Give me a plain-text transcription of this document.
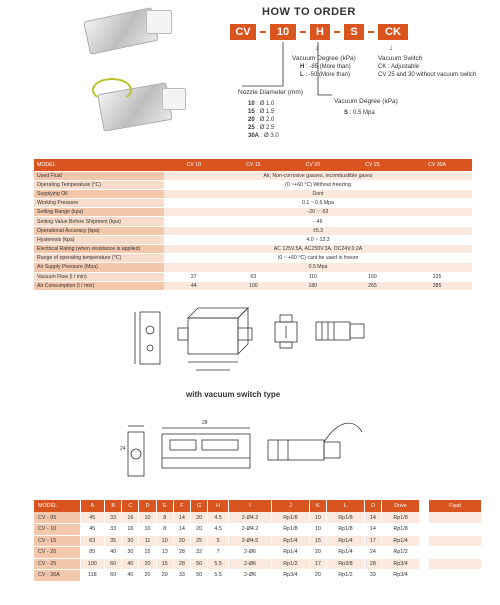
HOW TO ORDER
CV	10	H	S	CK
↓	↓
Vacuum Degree (kPa)
H : -85 (More than)
L : -50 (More than)
Vacuum Switch
CK : Adjustable
CV 25 and 30 without vacuum switch
Nozzle Diameter (mm)
10 : Ø 1.0
15 : Ø 1.5
20 : Ø 2.0
25 : Ø 2.5
30A : Ø 3.0
Vacuum Degree (kPa)
S : 0.5 Mpa
MODEL	CV 10	CV 15	CV 20	CV 25	CV 30A
Used Fluid	Air, Non-corrosive gasses, incombustible gases				
Operating Temperature (°C)	(0 ~+60 °C) Without freezing				
Supplying Oil	Dont				
Working Pressure	0.1 ~ 0.6 Mpa				
Setting Range (kpa)	-20 ~ -53				
Setting Value Before Shipment (kpa)	- 46				
Operational Accuracy (kpa)	±5.3				
Hysteresis (kpa)	4.0 ~ 13.3				
Electrical Rating (when resistance is applied)	AC 125V.5A, AC250V.3A, DC24V.0.2A				
Range of operating temperature (°C)	(0 ~ +60 °C) cant be used in freeze				
Air Supply Pressure (Mpa)	0.5 Mpa				
Vacuum Flow (l / min)	27	63	110	160	225
Air Consumption (l / min)	44	100	180	265	385
with vacuum switch type
24
28
MODEL	A	B	C	D	E	F	G	H	I	J	K	L	O	Drive
CV - 05	45	33	16	10	8	14	20	4.5	2-Ø4.2	Rp1/8	10	Rp1/8	14	Rp1/8
CV - 10	45	33	16	10	8	14	20	4.5	2-Ø4.2	Rp1/8	10	Rp1/8	14	Rp1/8
CV - 15	63	35	20	11	10	20	25	5	2-Ø4.5	Rp1/4	15	Rp1/4	17	Rp1/4
CV - 20	85	40	30	15	13	28	32	7	2-Ø6	Rp1/4	20	Rp1/4	24	Rp1/2
CV - 25	100	60	40	20	15	28	50	5.5	2-Ø6	Rp1/2	17	Rp3/8	28	Rp3/4
CV - 30A	118	60	40	20	20	33	50	5.5	2-Ø6	Rp3/4	20	Rp1/2	33	Rp3/4
Fiyat
